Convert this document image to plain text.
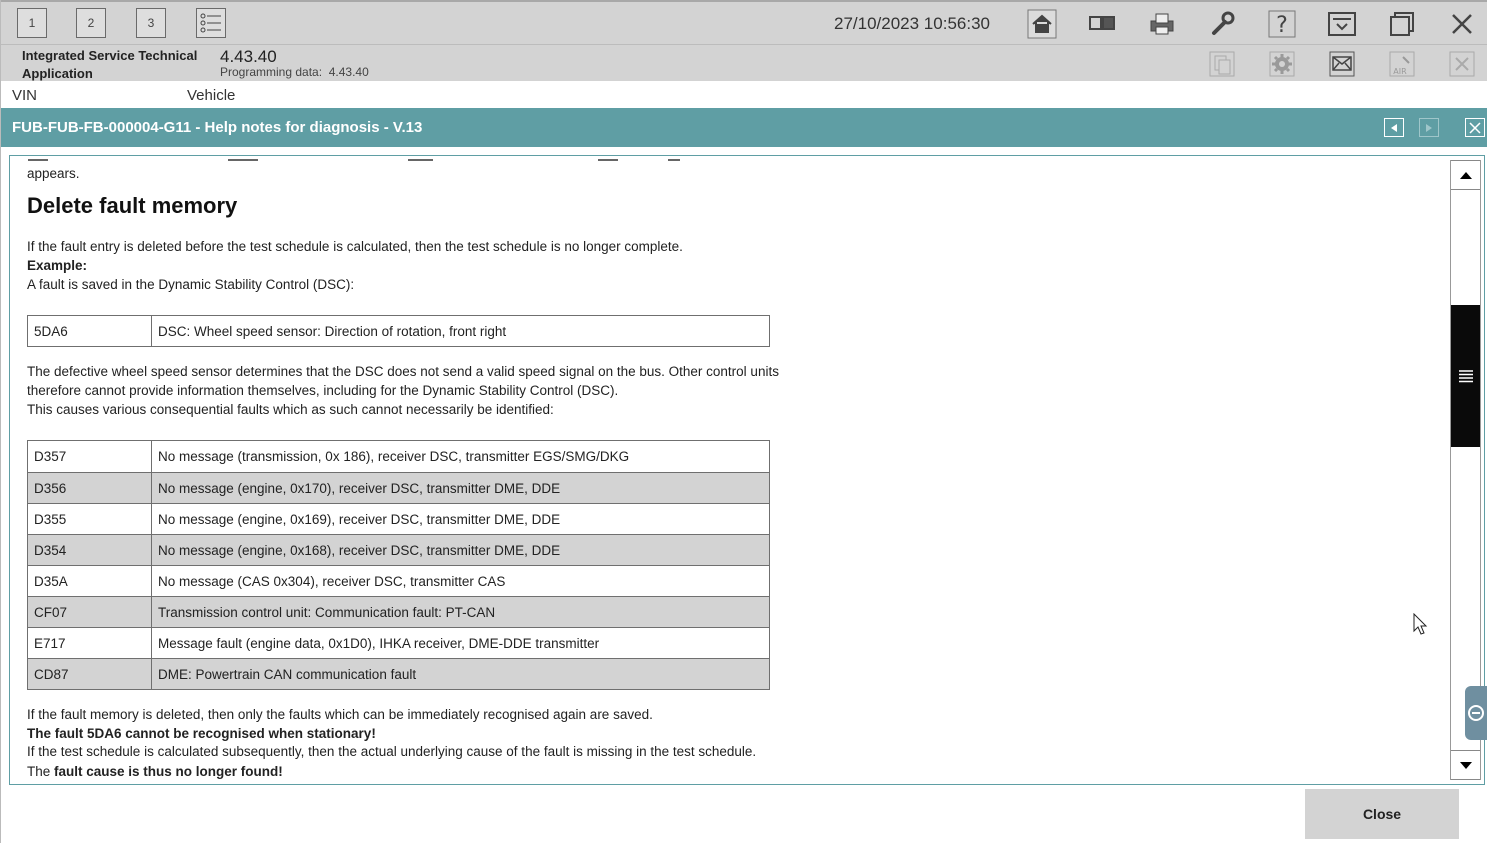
1	2	3	27/10/2023 10:56:30	?
Integrated Service Technical Application
4.43.40
Programming data: 4.43.40	AIR
VIN	Vehicle
FUB-FUB-FB-000004-G11 - Help notes for diagnosis - V.13
appears.
Delete fault memory
If the fault entry is deleted before the test schedule is calculated, then the test schedule is no longer complete.
Example:
A fault is saved in the Dynamic Stability Control (DSC):
5DA6	DSC: Wheel speed sensor: Direction of rotation, front right
The defective wheel speed sensor determines that the DSC does not send a valid speed signal on the bus. Other control units
therefore cannot provide information themselves, including for the Dynamic Stability Control (DSC).
This causes various consequential faults which as such cannot necessarily be identified:
D357	No message (transmission, 0x 186), receiver DSC, transmitter EGS/SMG/DKG
D356	No message (engine, 0x170), receiver DSC, transmitter DME, DDE
D355	No message (engine, 0x169), receiver DSC, transmitter DME, DDE
D354	No message (engine, 0x168), receiver DSC, transmitter DME, DDE
D35A	No message (CAS 0x304), receiver DSC, transmitter CAS
CF07	Transmission control unit: Communication fault: PT-CAN
E717	Message fault (engine data, 0x1D0), IHKA receiver, DME-DDE transmitter
CD87	DME: Powertrain CAN communication fault
If the fault memory is deleted, then only the faults which can be immediately recognised again are saved.
The fault 5DA6 cannot be recognised when stationary!
If the test schedule is calculated subsequently, then the actual underlying cause of the fault is missing in the test schedule.
The fault cause is thus no longer found!
Close
